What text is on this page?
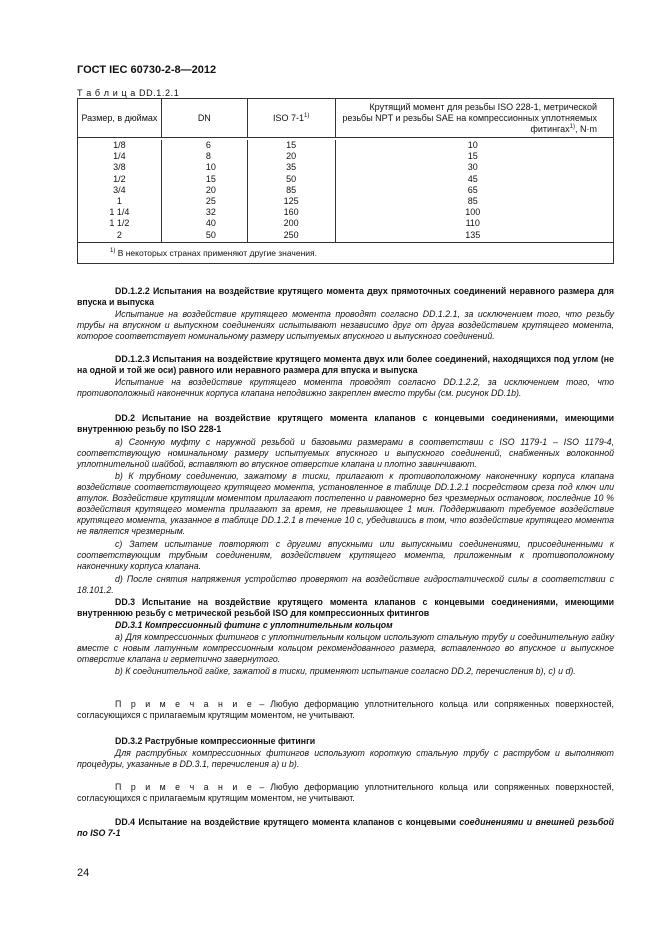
ГОСТ IEC 60730-2-8—2012
Т а б л и ц а DD.1.2.1
Размер, в дюймах	DN	ISO 7-1$^{1)}$	Крутящий момент для резьбы ISO 228-1, метрической резьбы NPT и резьбы SAE на компрессионных уплотняемых фитингах$^{1)}$, N·m

1/8	6	15	10
1/4	8	20	15
3/8	10	35	30
1/2	15	50	45
3/4	20	85	65
1	25	125	85
1 1/4	32	160	100
1 1/2	40	200	110
2	50	250	135
$^{1)}$ В некоторых странах применяют другие значения.			
DD.1.2.2 Испытания на воздействие крутящего момента двух прямоточных соединений неравного размера для впуска и выпуска
Испытание на воздействие крутящего момента проводят согласно DD.1.2.1, за исключением того, что резьбу трубы на впускном и выпускном соединениях испытывают независимо друг от друга воздействием крутящего момента, которое соответствует номинальному размеру испытуемых впускного и выпускного соединений.
DD.1.2.3 Испытания на воздействие крутящего момента двух или более соединений, находящихся под углом (не на одной и той же оси) равного или неравного размера для впуска и выпуска
Испытание на воздействие крутящего момента проводят согласно DD.1.2.2, за исключением того, что противоположный наконечник корпуса клапана неподвижно закреплен вместо трубы (см. рисунок DD.1b).
DD.2 Испытание на воздействие крутящего момента клапанов с концевыми соединениями, имеющими внутреннюю резьбу по ISO 228-1
a) Сгонную муфту с наружной резьбой и базовыми размерами в соответствии с ISO 1179-1 – ISO 1179-4, соответствующую номинальному размеру испытуемых впускного и выпускного соединений, снабженных волоконной уплотнительной шайбой, вставляют во впускное отверстие клапана и плотно завинчивают.
b) К трубному соединению, зажатому в тиски, прилагают к противоположному наконечнику корпуса клапана воздействие соответствующего крутящего момента, установленное в таблице DD.1.2.1 посредством среза под ключ или втулок. Воздействие крутящим моментом прилагают постепенно и равномерно без чрезмерных остановок, последние 10 % воздействия крутящего момента прилагают за время, не превышающее 1 мин. Поддерживают требуемое воздействие крутящего момента, указанное в таблице DD.1.2.1 в течение 10 с, убедившись в том, что воздействие крутящего момента не является чрезмерным.
c) Затем испытание повторяют с другими впускными или выпускными соединениями, присоединенными к соответствующим трубным соединениям, воздействием крутящего момента, приложенным к противоположному наконечнику корпуса клапана.
d) После снятия напряжения устройство проверяют на воздействие гидростатической силы в соответствии с 18.101.2.
DD.3 Испытание на воздействие крутящего момента клапанов с концевыми соединениями, имеющими внутреннюю резьбу с метрической резьбой ISO для компрессионных фитингов
DD.3.1 Компрессионный фитинг с уплотнительным кольцом
a) Для компрессионных фитингов с уплотнительным кольцом используют стальную трубу и соединительную гайку вместе с новым латунным компрессионным кольцом рекомендованного размера, вставленного во впускное и выпускное отверстие клапана и герметично завернутого.
b) К соединительной гайке, зажатой в тиски, применяют испытание согласно DD.2, перечисления b), c) и d).
П р и м е ч а н и е – Любую деформацию уплотнительного кольца или сопряженных поверхностей, согласующихся с прилагаемым крутящим моментом, не учитывают.
DD.3.2 Раструбные компрессионные фитинги
Для раструбных компрессионных фитингов используют короткую стальную трубу с раструбом и выполняют процедуры, указанные в DD.3.1, перечисления a) и b).
П р и м е ч а н и е – Любую деформацию уплотнительного кольца или сопряженных поверхностей, согласующихся с прилагаемым крутящим моментом, не учитывают.
DD.4 Испытание на воздействие крутящего момента клапанов с концевыми соединениями и внешней резьбой по ISO 7-1
24
